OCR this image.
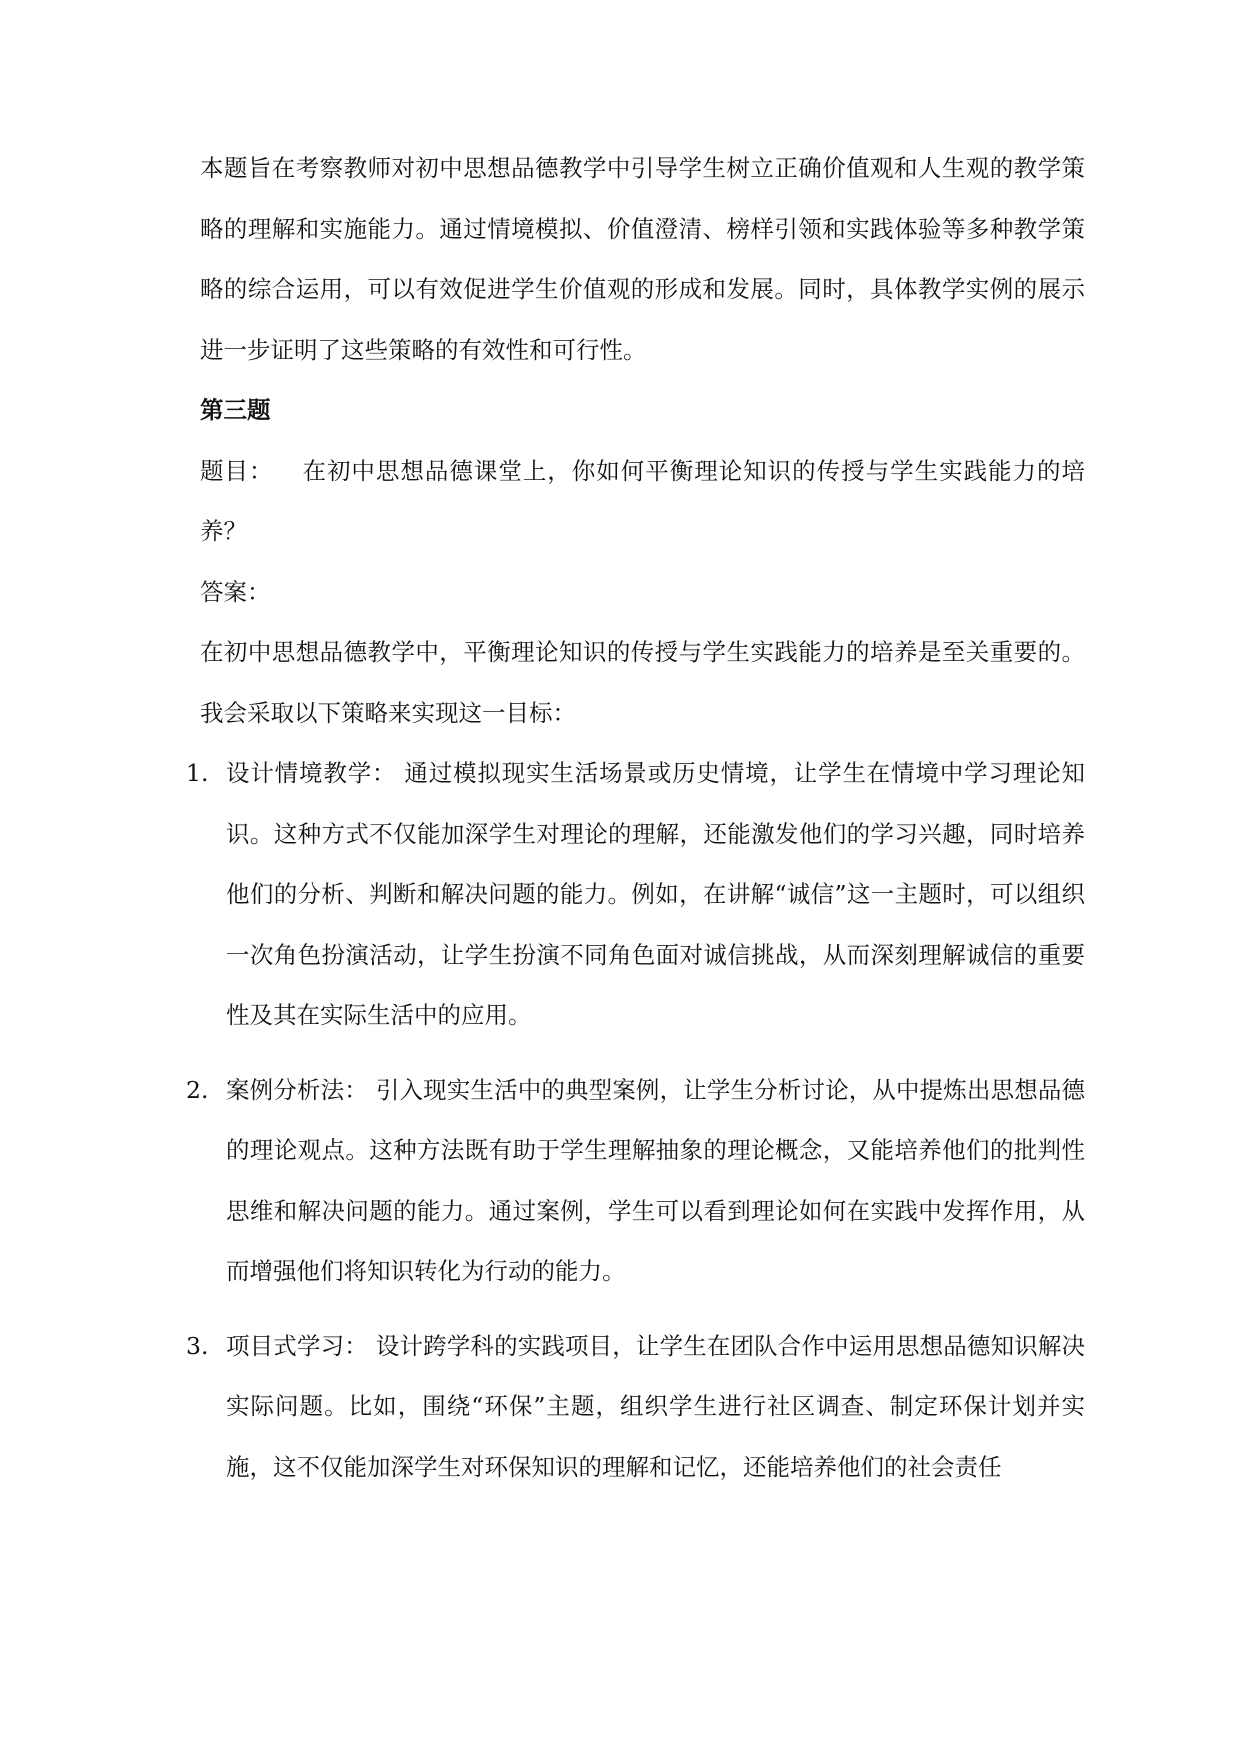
本题旨在考察教师对初中思想品德教学中引导学生树立正确价值观和人生观的教学策略的理解和实施能力。通过情境模拟、价值澄清、榜样引领和实践体验等多种教学策略的综合运用，可以有效促进学生价值观的形成和发展。同时，具体教学实例的展示进一步证明了这些策略的有效性和可行性。

第三题

题目： 在初中思想品德课堂上，你如何平衡理论知识的传授与学生实践能力的培养？

答案：

在初中思想品德教学中，平衡理论知识的传授与学生实践能力的培养是至关重要的。我会采取以下策略来实现这一目标：

1. 设计情境教学： 通过模拟现实生活场景或历史情境，让学生在情境中学习理论知识。这种方式不仅能加深学生对理论的理解，还能激发他们的学习兴趣，同时培养他们的分析、判断和解决问题的能力。例如，在讲解“诚信”这一主题时，可以组织一次角色扮演活动，让学生扮演不同角色面对诚信挑战，从而深刻理解诚信的重要性及其在实际生活中的应用。
2. 案例分析法： 引入现实生活中的典型案例，让学生分析讨论，从中提炼出思想品德的理论观点。这种方法既有助于学生理解抽象的理论概念，又能培养他们的批判性思维和解决问题的能力。通过案例，学生可以看到理论如何在实践中发挥作用，从而增强他们将知识转化为行动的能力。
3. 项目式学习： 设计跨学科的实践项目，让学生在团队合作中运用思想品德知识解决实际问题。比如，围绕“环保”主题，组织学生进行社区调查、制定环保计划并实施，这不仅能加深学生对环保知识的理解和记忆，还能培养他们的社会责任
